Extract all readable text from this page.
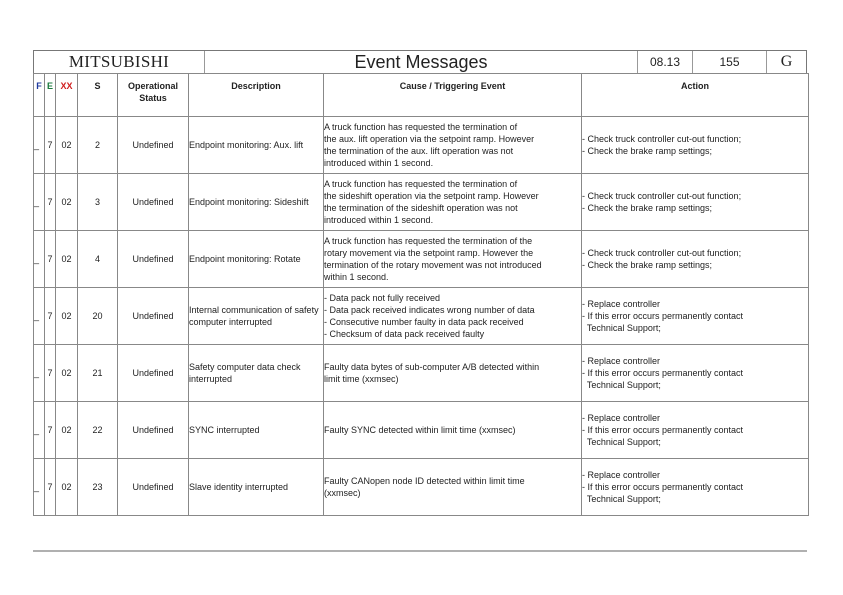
MITSUBISHI	Event Messages	08.13	155	G
F	E	XX	S	Operational Status	Description	Cause / Triggering Event	Action
_	7	02	2	Undefined	Endpoint monitoring: Aux. lift	A truck function has requested the termination of
the aux. lift operation via the setpoint ramp. However
the termination of the aux. lift operation was not
introduced within 1 second.	- Check truck controller cut-out function;
- Check the brake ramp settings;

_	7	02	3	Undefined	Endpoint monitoring: Sideshift	A truck function has requested the termination of
the sideshift operation via the setpoint ramp. However
the termination of the sideshift operation was not
introduced within 1 second.	- Check truck controller cut-out function;
- Check the brake ramp settings;

_	7	02	4	Undefined	Endpoint monitoring: Rotate	A truck function has requested the termination of the
rotary movement via the setpoint ramp. However the
termination of the rotary movement was not introduced
within 1 second.	- Check truck controller cut-out function;
- Check the brake ramp settings;

_	7	02	20	Undefined	Internal communication of safety computer interrupted	- Data pack not fully received
- Data pack received indicates wrong number of data
- Consecutive number faulty in data pack received
- Checksum of data pack received faulty	- Replace controller
- If this error occurs permanently contact
Technical Support;

_	7	02	21	Undefined	Safety computer data check interrupted	Faulty data bytes of sub-computer A/B detected within
limit time (xxmsec)	- Replace controller
- If this error occurs permanently contact
Technical Support;

_	7	02	22	Undefined	SYNC interrupted	Faulty SYNC detected within limit time (xxmsec)	- Replace controller
- If this error occurs permanently contact
Technical Support;

_	7	02	23	Undefined	Slave identity interrupted	Faulty CANopen node ID detected within limit time
(xxmsec)	- Replace controller
- If this error occurs permanently contact
Technical Support;
